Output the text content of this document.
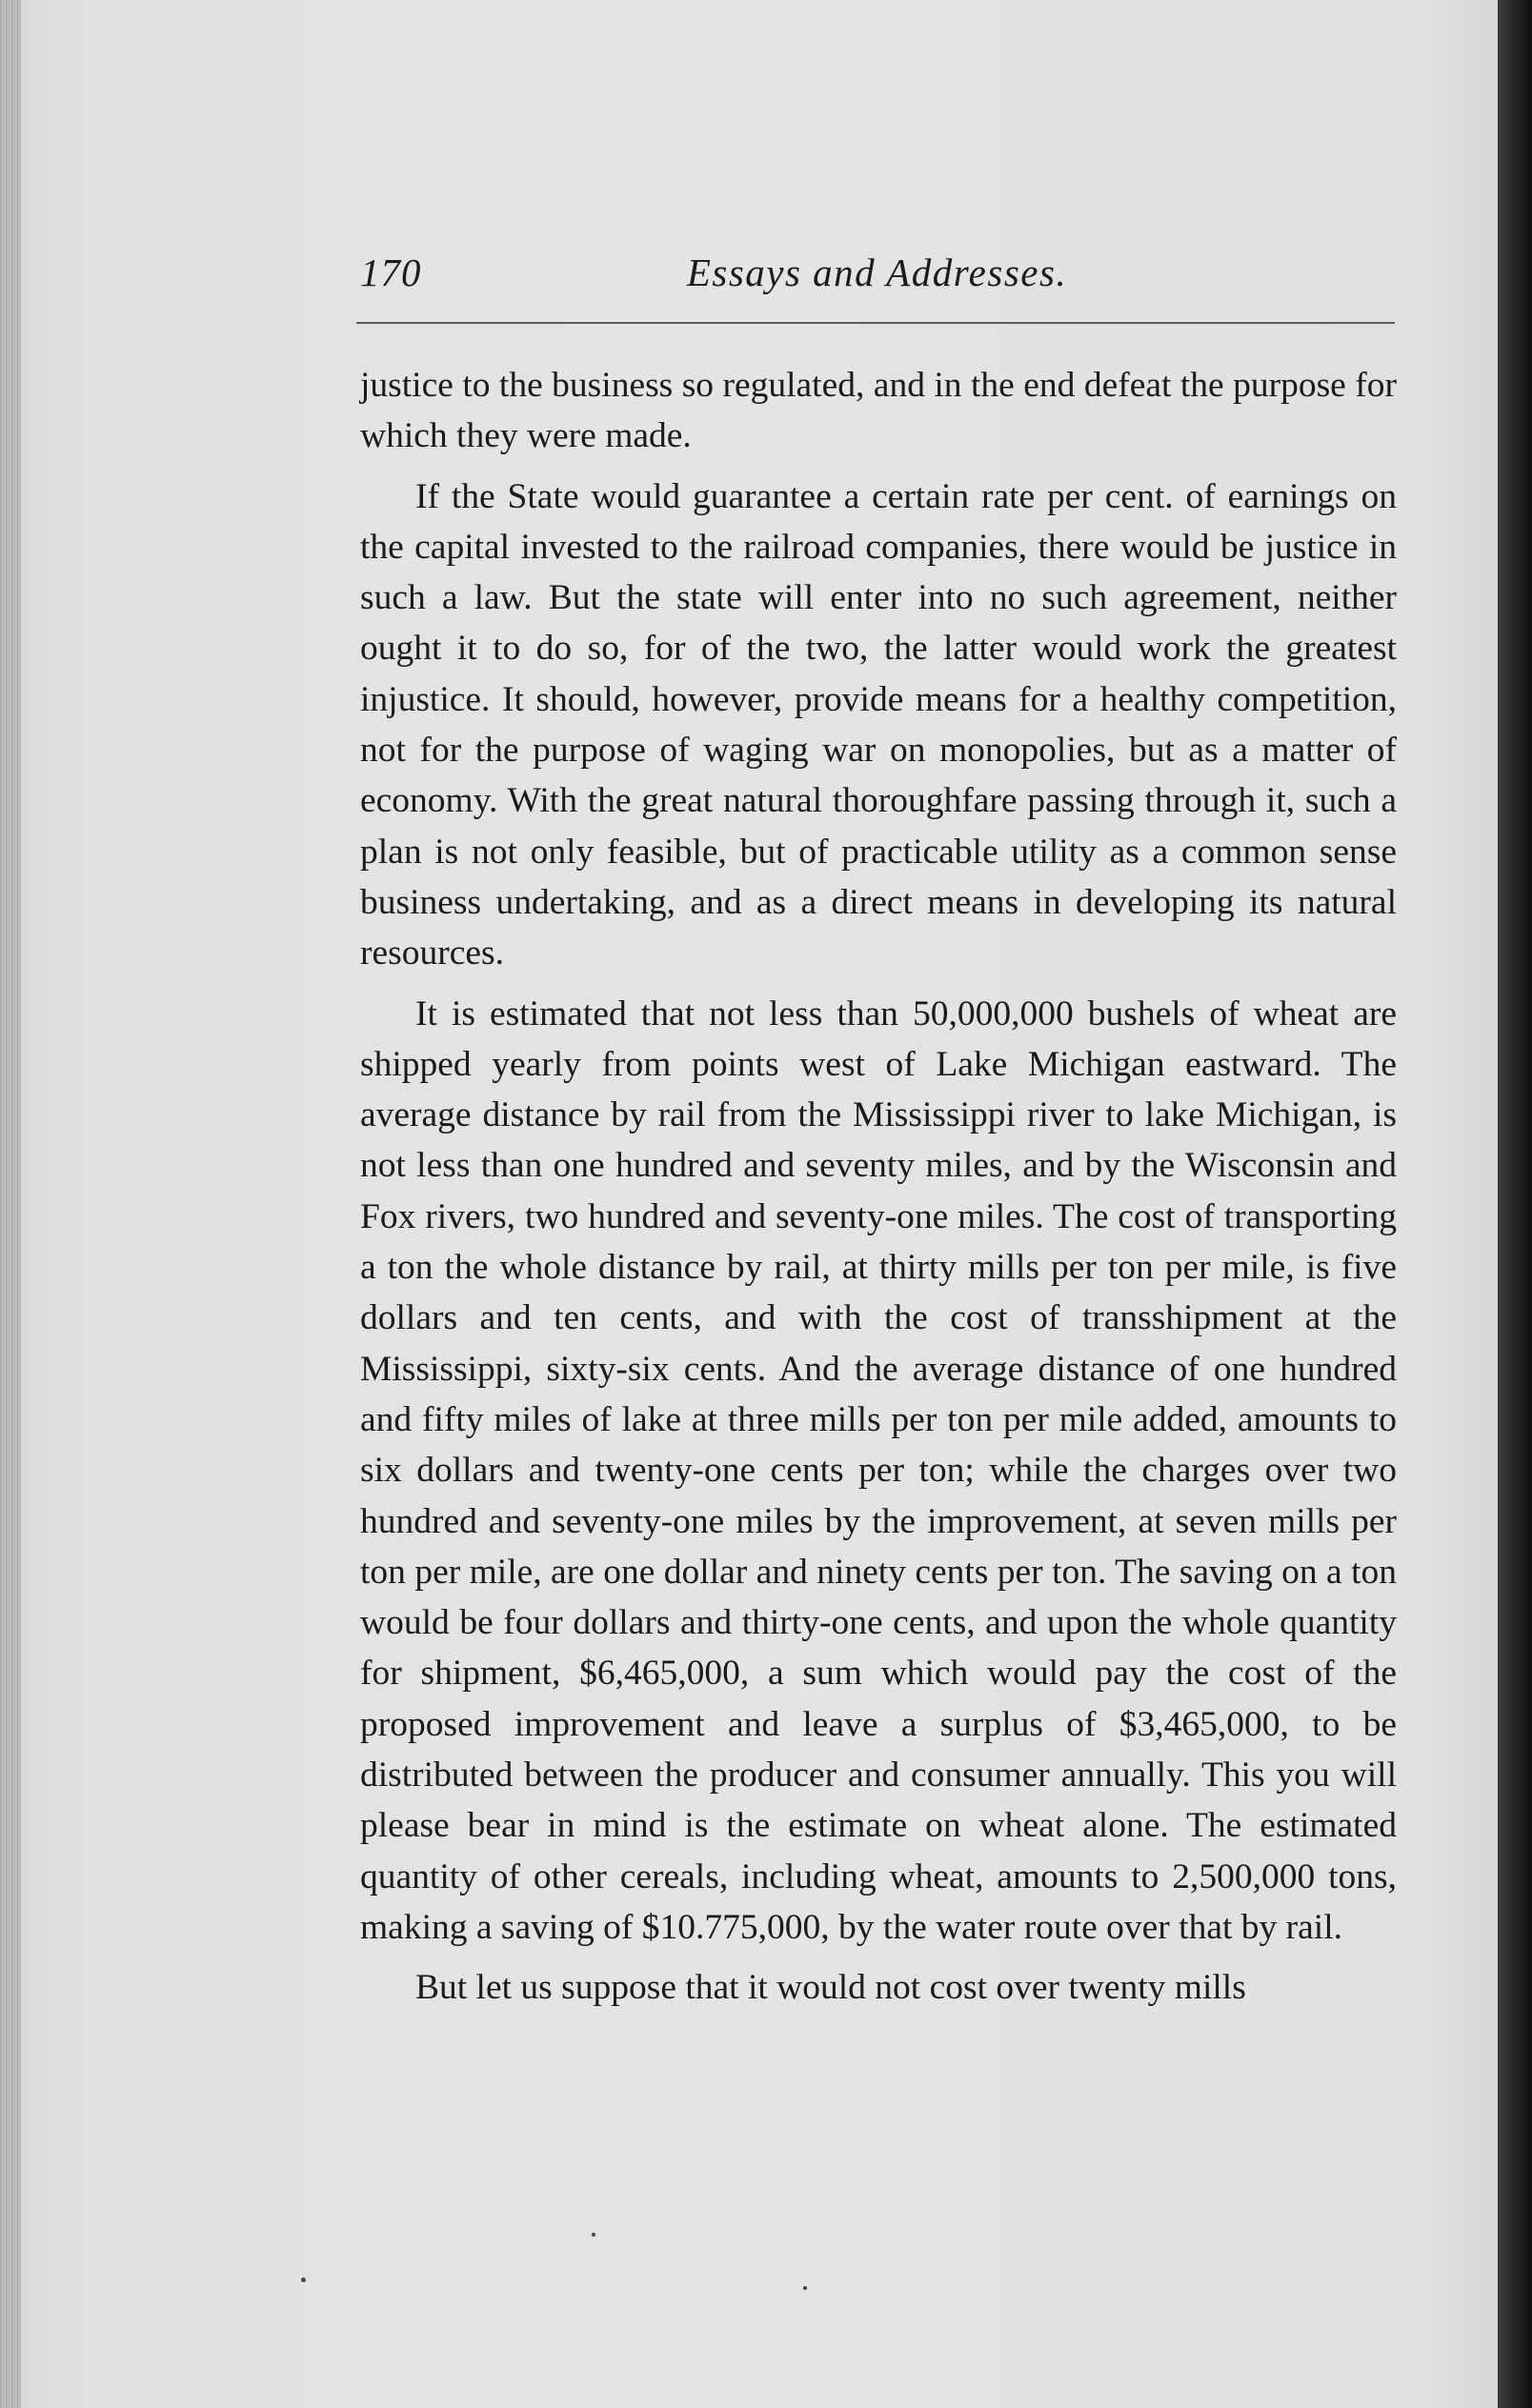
170	Essays and Addresses.

justice to the business so regulated, and in the end defeat the purpose for which they were made.

If the State would guarantee a certain rate per cent. of earnings on the capital invested to the railroad companies, there would be justice in such a law. But the state will enter into no such agreement, neither ought it to do so, for of the two, the latter would work the greatest injustice. It should, however, provide means for a healthy competition, not for the purpose of waging war on monopolies, but as a matter of economy. With the great natural thoroughfare passing through it, such a plan is not only feasible, but of practicable utility as a common sense business undertaking, and as a direct means in developing its natural resources.

It is estimated that not less than 50,000,000 bushels of wheat are shipped yearly from points west of Lake Michigan eastward. The average distance by rail from the Mississippi river to lake Michigan, is not less than one hundred and seventy miles, and by the Wisconsin and Fox rivers, two hundred and seventy-one miles. The cost of transporting a ton the whole distance by rail, at thirty mills per ton per mile, is five dollars and ten cents, and with the cost of transshipment at the Mississippi, sixty-six cents. And the average distance of one hundred and fifty miles of lake at three mills per ton per mile added, amounts to six dollars and twenty-one cents per ton; while the charges over two hundred and seventy-one miles by the improvement, at seven mills per ton per mile, are one dollar and ninety cents per ton. The saving on a ton would be four dollars and thirty-one cents, and upon the whole quantity for shipment, $6,465,000, a sum which would pay the cost of the proposed improvement and leave a surplus of $3,465,000, to be distributed between the producer and consumer annually. This you will please bear in mind is the estimate on wheat alone. The estimated quantity of other cereals, including wheat, amounts to 2,500,000 tons, making a saving of $10.775,000, by the water route over that by rail.

But let us suppose that it would not cost over twenty mills
